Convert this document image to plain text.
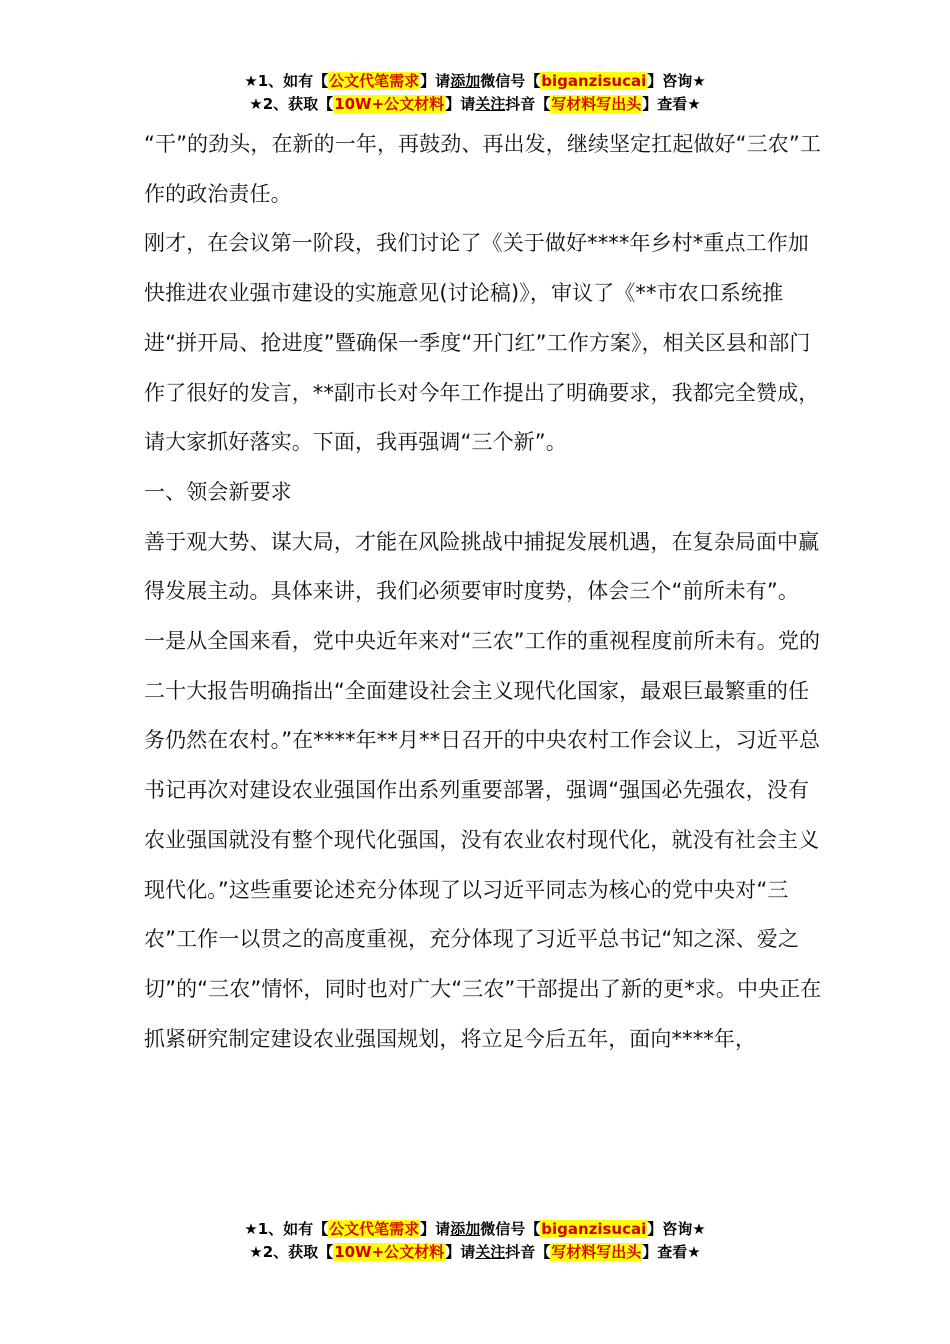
★1、如有【公文代笔需求】请添加微信号【biganzisucai】咨询★
★2、获取【10W+公文材料】请关注抖音【写材料写出头】查看★

“干”的劲头，在新的一年，再鼓劲、再出发，继续坚定扛起做好“三农”工作的政治责任。

刚才，在会议第一阶段，我们讨论了《关于做好****年乡村*重点工作加快推进农业强市建设的实施意见(讨论稿)》，审议了《**市农口系统推进“拼开局、抢进度”暨确保一季度“开门红”工作方案》，相关区县和部门作了很好的发言，**副市长对今年工作提出了明确要求，我都完全赞成，请大家抓好落实。下面，我再强调“三个新”。

一、领会新要求

善于观大势、谋大局，才能在风险挑战中捕捉发展机遇，在复杂局面中赢得发展主动。具体来讲，我们必须要审时度势，体会三个“前所未有”。

一是从全国来看，党中央近年来对“三农”工作的重视程度前所未有。党的二十大报告明确指出“全面建设社会主义现代化国家，最艰巨最繁重的任务仍然在农村。”在****年**月**日召开的中央农村工作会议上，习近平总书记再次对建设农业强国作出系列重要部署，强调“强国必先强农，没有农业强国就没有整个现代化强国，没有农业农村现代化，就没有社会主义现代化。”这些重要论述充分体现了以习近平同志为核心的党中央对“三农”工作一以贯之的高度重视，充分体现了习近平总书记“知之深、爱之切”的“三农”情怀，同时也对广大“三农”干部提出了新的更*求。中央正在抓紧研究制定建设农业强国规划，将立足今后五年，面向****年，

★1、如有【公文代笔需求】请添加微信号【biganzisucai】咨询★
★2、获取【10W+公文材料】请关注抖音【写材料写出头】查看★
